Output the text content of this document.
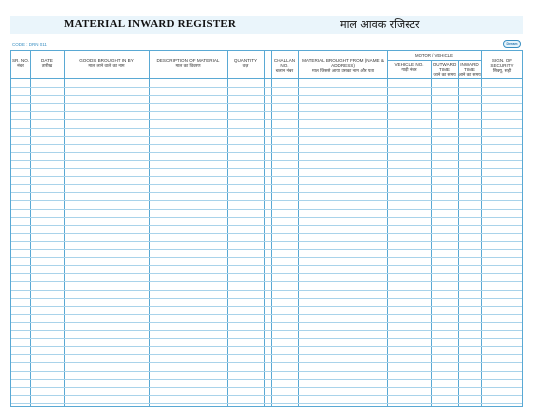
MATERIAL INWARD REGISTER	माल आवक रजिस्टर
CODE : DRN 011	Dream
SR. NO.
नंबर
DATE
तारीख
GOODS BROUGHT IN BY
माल लाने वाले का नाम
DESCRIPTION OF MATERIAL
माल का विवरण
QUANTITY
वज़
CHALLAN NO.
चलान नंबर
MATERIAL BROUGHT FROM (NAME & ADDRESS)
माल जिससे आया उसका नाम और पता
MOTOR / VEHICLE
VEHICLE NO.
गाड़ी नंबर
OUTWARD TIME
जाने का समय
INWARD TIME
आने का समय
SIGN. OF SECURITY
सिक्यू. सही
